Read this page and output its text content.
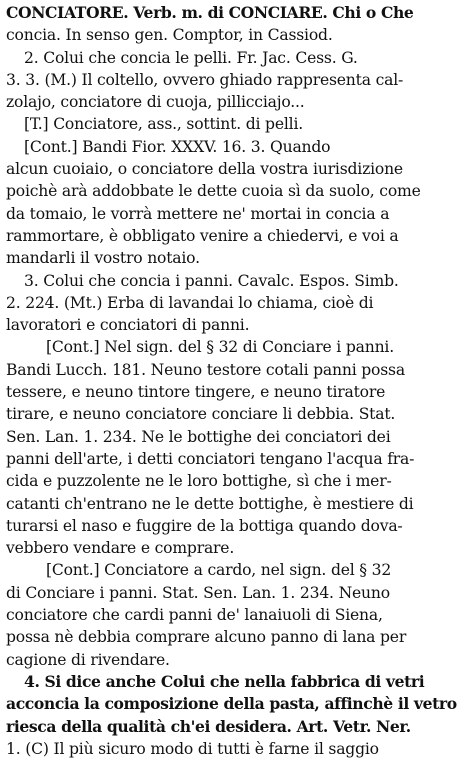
CONCIATORE. Verb. m. di CONCIARE. Chi o Che
concia. In senso gen. Comptor, in Cassiod.
2. Colui che concia le pelli. Fr. Jac. Cess. G.
3. 3. (M.) Il coltello, ovvero ghiado rappresenta cal-
zolajo, conciatore di cuoja, pillicciajo...
[T.] Conciatore, ass., sottint. di pelli.
[Cont.] Bandi Fior. XXXV. 16. 3. Quando
alcun cuoiaio, o conciatore della vostra iurisdizione
poichè arà addobbate le dette cuoia sì da suolo, come
da tomaio, le vorrà mettere ne' mortai in concia a
rammortare, è obbligato venire a chiedervi, e voi a
mandarli il vostro notaio.
3. Colui che concia i panni. Cavalc. Espos. Simb.
2. 224. (Mt.) Erba di lavandai lo chiama, cioè di
lavoratori e conciatori di panni.
[Cont.] Nel sign. del § 32 di Conciare i panni.
Bandi Lucch. 181. Neuno testore cotali panni possa
tessere, e neuno tintore tingere, e neuno tiratore
tirare, e neuno conciatore conciare li debbia. Stat.
Sen. Lan. 1. 234. Ne le bottighe dei conciatori dei
panni dell'arte, i detti conciatori tengano l'acqua fra-
cida e puzzolente ne le loro bottighe, sì che i mer-
catanti ch'entrano ne le dette bottighe, è mestiere di
turarsi el naso e fuggire de la bottiga quando dova-
vebbero vendare e comprare.
[Cont.] Conciatore a cardo, nel sign. del § 32
di Conciare i panni. Stat. Sen. Lan. 1. 234. Neuno
conciatore che cardi panni de' lanaiuoli di Siena,
possa nè debbia comprare alcuno panno di lana per
cagione di rivendare.
4. Si dice anche Colui che nella fabbrica di vetri
acconcia la composizione della pasta, affinchè il vetro
riesca della qualità ch'ei desidera. Art. Vetr. Ner.
1. (C) Il più sicuro modo di tutti è farne il saggio
